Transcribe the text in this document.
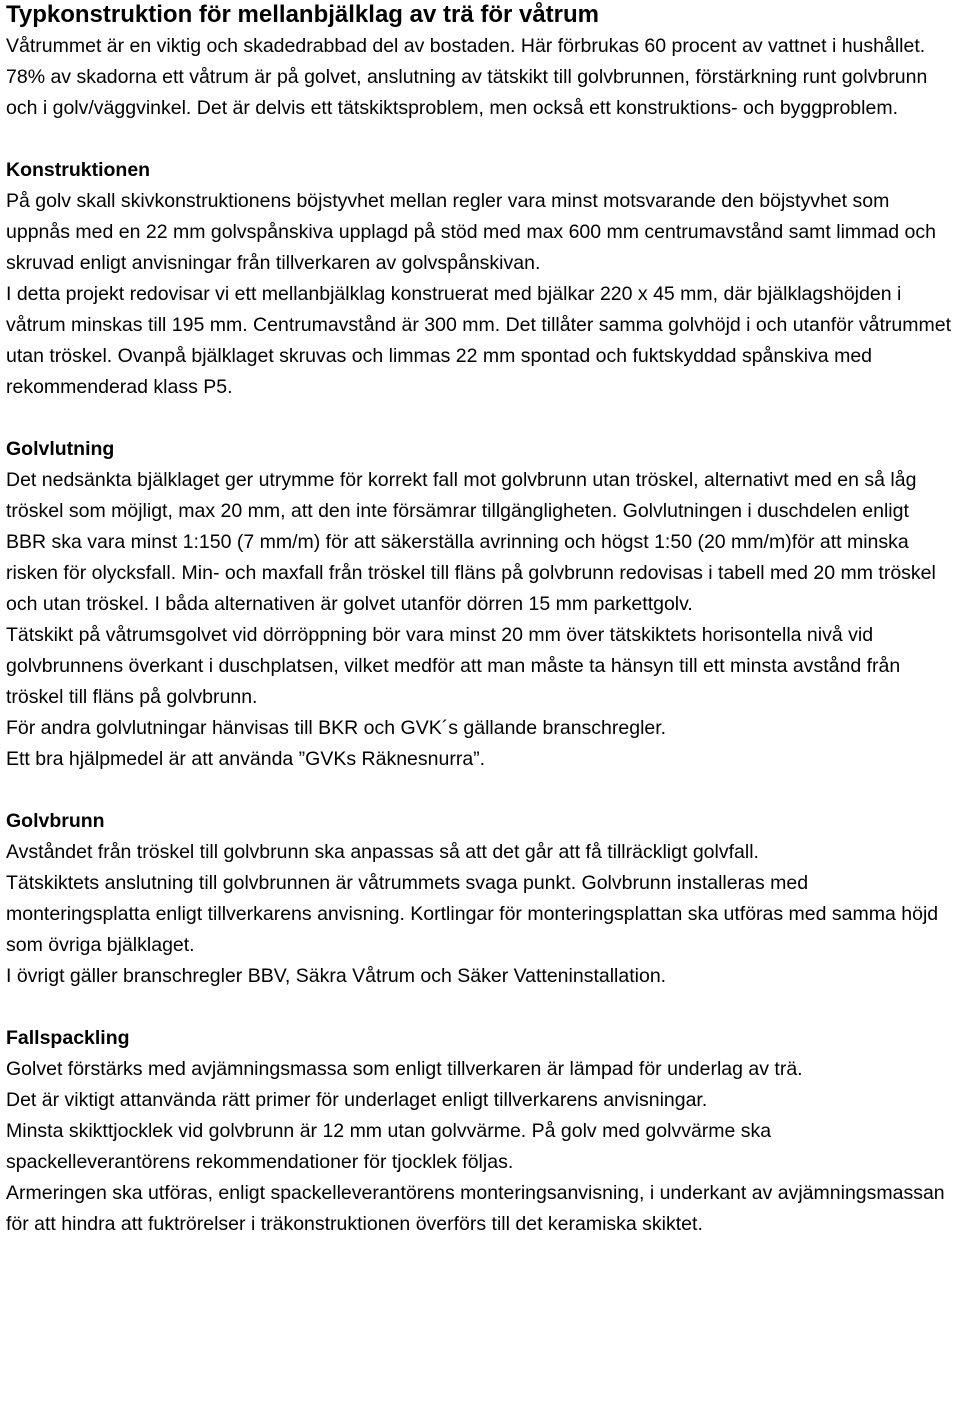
Typkonstruktion för mellanbjälklag av trä för våtrum

Våtrummet är en viktig och skadedrabbad del av bostaden. Här förbrukas 60 procent av vattnet i hushållet.

78% av skadorna ett våtrum är på golvet, anslutning av tätskikt till golvbrunnen, förstärkning runt golvbrunn och i golv/väggvinkel. Det är delvis ett tätskiktsproblem, men också ett konstruktions- och byggproblem.

Konstruktionen

På golv skall skivkonstruktionens böjstyvhet mellan regler vara minst motsvarande den böjstyvhet som uppnås med en 22 mm golvspånskiva upplagd på stöd med max 600 mm centrumavstånd samt limmad och skruvad enligt anvisningar från tillverkaren av golvspånskivan.

I detta projekt redovisar vi ett mellanbjälklag konstruerat med bjälkar 220 x 45 mm, där bjälklagshöjden i våtrum minskas till 195 mm. Centrumavstånd är 300 mm. Det tillåter samma golvhöjd i och utanför våtrummet utan tröskel. Ovanpå bjälklaget skruvas och limmas 22 mm spontad och fuktskyddad spånskiva med rekommenderad klass P5.

Golvlutning

Det nedsänkta bjälklaget ger utrymme för korrekt fall mot golvbrunn utan tröskel, alternativt med en så låg tröskel som möjligt, max 20 mm, att den inte försämrar tillgängligheten. Golvlutningen i duschdelen enligt BBR ska vara minst 1:150 (7 mm/m) för att säkerställa avrinning och högst 1:50 (20 mm/m)för att minska risken för olycksfall. Min- och maxfall från tröskel till fläns på golvbrunn redovisas i tabell med 20 mm tröskel och utan tröskel. I båda alternativen är golvet utanför dörren 15 mm parkettgolv.

Tätskikt på våtrumsgolvet vid dörröppning bör vara minst 20 mm över tätskiktets horisontella nivå vid golvbrunnens överkant i duschplatsen, vilket medför att man måste ta hänsyn till ett minsta avstånd från tröskel till fläns på golvbrunn.

För andra golvlutningar hänvisas till BKR och GVK´s gällande branschregler.

Ett bra hjälpmedel är att använda ”GVKs Räknesnurra”.

Golvbrunn

Avståndet från tröskel till golvbrunn ska anpassas så att det går att få tillräckligt golvfall.

Tätskiktets anslutning till golvbrunnen är våtrummets svaga punkt. Golvbrunn installeras med monteringsplatta enligt tillverkarens anvisning. Kortlingar för monteringsplattan ska utföras med samma höjd som övriga bjälklaget.

I övrigt gäller branschregler BBV, Säkra Våtrum och Säker Vatteninstallation.

Fallspackling

Golvet förstärks med avjämningsmassa som enligt tillverkaren är lämpad för underlag av trä.

Det är viktigt attanvända rätt primer för underlaget enligt tillverkarens anvisningar.

Minsta skikttjocklek vid golvbrunn är 12 mm utan golvvärme. På golv med golvvärme ska spackelleverantörens rekommendationer för tjocklek följas.

Armeringen ska utföras, enligt spackelleverantörens monteringsanvisning, i underkant av avjämningsmassan för att hindra att fuktrörelser i träkonstruktionen överförs till det keramiska skiktet.
